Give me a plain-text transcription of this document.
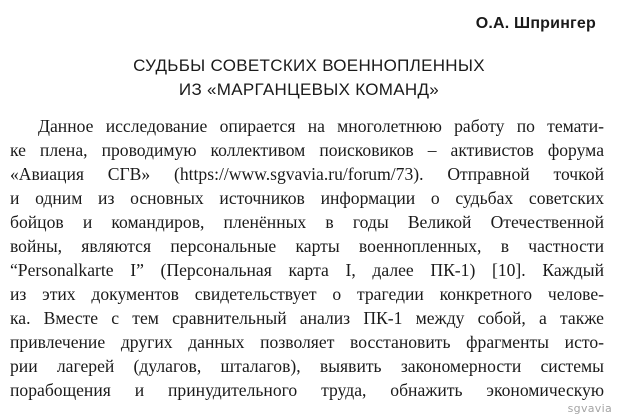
О.А. Шпрингер
СУДЬБЫ СОВЕТСКИХ ВОЕННОПЛЕННЫХ
ИЗ «МАРГАНЦЕВЫХ КОМАНД»
Данное исследование опирается на многолетнюю работу по темати-
ке плена, проводимую коллективом поисковиков – активистов форума
«Авиация СГВ» (https://www.sgvavia.ru/forum/73). Отправной точкой
и одним из основных источников информации о судьбах советских
бойцов и командиров, пленённых в годы Великой Отечественной
войны, являются персональные карты военнопленных, в частности
“Personalkarte I” (Персональная карта I, далее ПК-1) [10]. Каждый
из этих документов свидетельствует о трагедии конкретного челове-
ка. Вместе с тем сравнительный анализ ПК-1 между собой, а также
привлечение других данных позволяет восстановить фрагменты исто-
рии лагерей (дулагов, шталагов), выявить закономерности системы
порабощения и принудительного труда, обнажить экономическую
sgvavia
